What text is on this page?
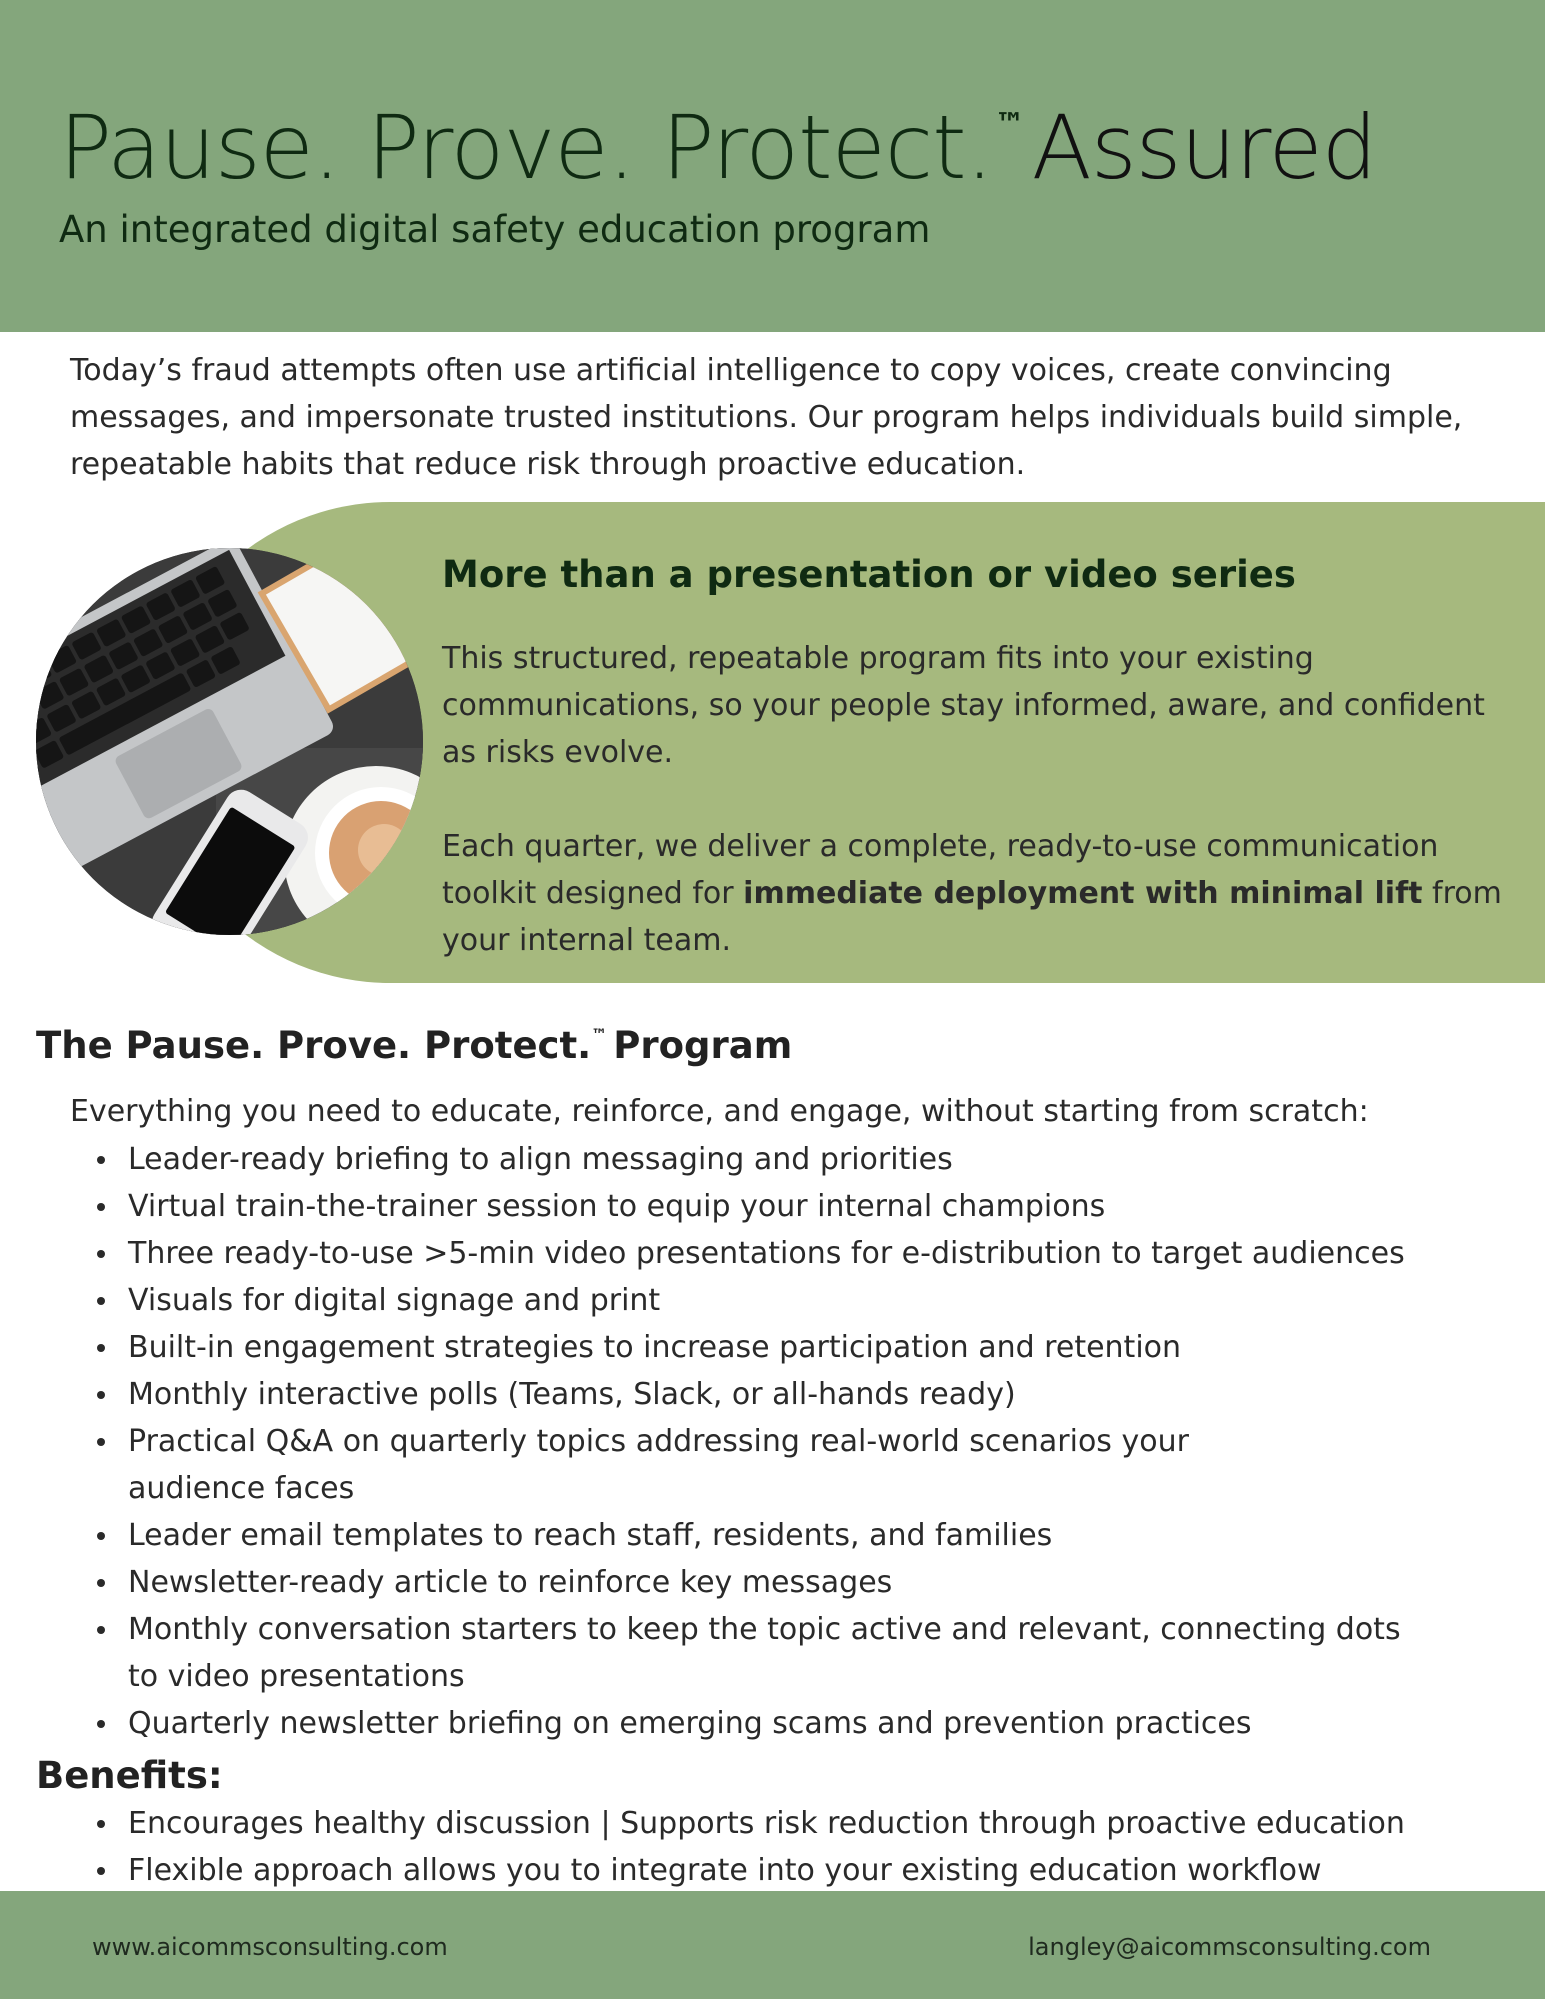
Pause. Prove. Protect.™Assured
An integrated digital safety education program

Today’s fraud attempts often use artificial intelligence to copy voices, create convincing messages, and impersonate trusted institutions. Our program helps individuals build simple, repeatable habits that reduce risk through proactive education.

More than a presentation or video series

This structured, repeatable program fits into your existing communications, so your people stay informed, aware, and confident as risks evolve.

Each quarter, we deliver a complete, ready-to-use communication toolkit designed for immediate deployment with minimal lift from your internal team.

The Pause. Prove. Protect.™ Program

Everything you need to educate, reinforce, and engage, without starting from scratch:

Leader-ready briefing to align messaging and priorities
Virtual train-the-trainer session to equip your internal champions
Three ready-to-use >5-min video presentations for e-distribution to target audiences
Visuals for digital signage and print
Built-in engagement strategies to increase participation and retention
Monthly interactive polls (Teams, Slack, or all-hands ready)
Practical Q&A on quarterly topics addressing real-world scenarios your audience faces
Leader email templates to reach staff, residents, and families
Newsletter-ready article to reinforce key messages
Monthly conversation starters to keep the topic active and relevant, connecting dots to video presentations
Quarterly newsletter briefing on emerging scams and prevention practices
Benefits:
Encourages healthy discussion | Supports risk reduction through proactive education
Flexible approach allows you to integrate into your existing education workflow
www.aicommsconsulting.com	langley@aicommsconsulting.com
